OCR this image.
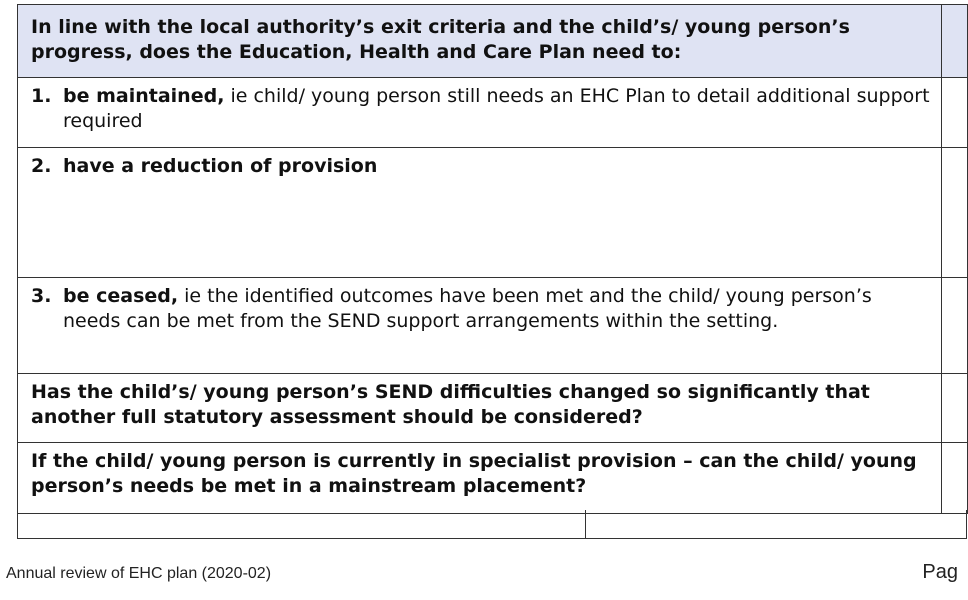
In line with the local authority’s exit criteria and the child’s/ young person’s progress, does the Education, Health and Care Plan need to:	

1. be maintained, ie child/ young person still needs an EHC Plan to detail additional support required	

2. have a reduction of provision	

3. be ceased, ie the identified outcomes have been met and the child/ young person’s needs can be met from the SEND support arrangements within the setting.	

Has the child’s/ young person’s SEND difficulties changed so significantly that another full statutory assessment should be considered?	
If the child/ young person is currently in specialist provision – can the child/ young person’s needs be met in a mainstream placement?	
Annual review of EHC plan (2020-02)	Pag
